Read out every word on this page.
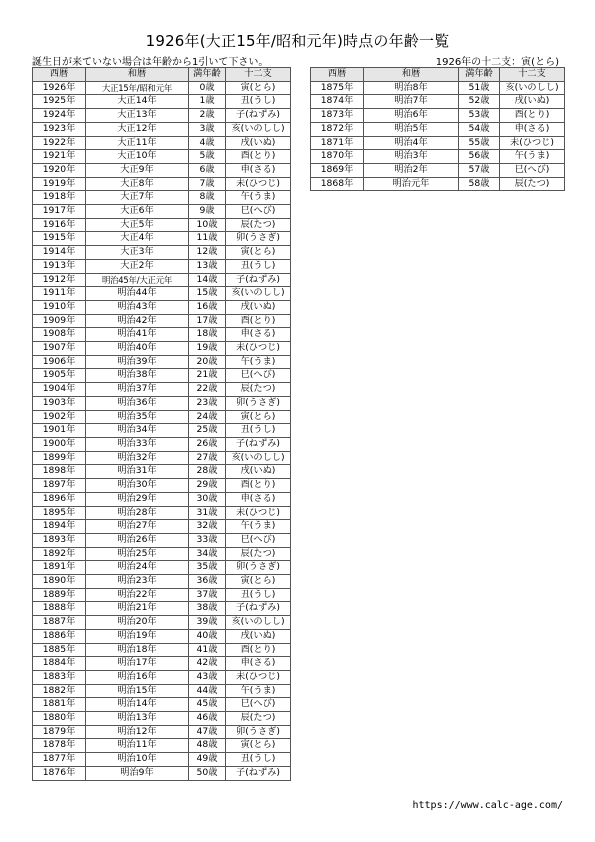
1926年(大正15年/昭和元年)時点の年齢一覧
誕生日が来ていない場合は年齢から1引いて下さい。	1926年の十二支：寅(とら)
西暦	和暦	満年齢	十二支
1926年	大正15年/昭和元年	0歳	寅(とら)
1925年	大正14年	1歳	丑(うし)
1924年	大正13年	2歳	子(ねずみ)
1923年	大正12年	3歳	亥(いのしし)
1922年	大正11年	4歳	戌(いぬ)
1921年	大正10年	5歳	酉(とり)
1920年	大正9年	6歳	申(さる)
1919年	大正8年	7歳	未(ひつじ)
1918年	大正7年	8歳	午(うま)
1917年	大正6年	9歳	巳(へび)
1916年	大正5年	10歳	辰(たつ)
1915年	大正4年	11歳	卯(うさぎ)
1914年	大正3年	12歳	寅(とら)
1913年	大正2年	13歳	丑(うし)
1912年	明治45年/大正元年	14歳	子(ねずみ)
1911年	明治44年	15歳	亥(いのしし)
1910年	明治43年	16歳	戌(いぬ)
1909年	明治42年	17歳	酉(とり)
1908年	明治41年	18歳	申(さる)
1907年	明治40年	19歳	未(ひつじ)
1906年	明治39年	20歳	午(うま)
1905年	明治38年	21歳	巳(へび)
1904年	明治37年	22歳	辰(たつ)
1903年	明治36年	23歳	卯(うさぎ)
1902年	明治35年	24歳	寅(とら)
1901年	明治34年	25歳	丑(うし)
1900年	明治33年	26歳	子(ねずみ)
1899年	明治32年	27歳	亥(いのしし)
1898年	明治31年	28歳	戌(いぬ)
1897年	明治30年	29歳	酉(とり)
1896年	明治29年	30歳	申(さる)
1895年	明治28年	31歳	未(ひつじ)
1894年	明治27年	32歳	午(うま)
1893年	明治26年	33歳	巳(へび)
1892年	明治25年	34歳	辰(たつ)
1891年	明治24年	35歳	卯(うさぎ)
1890年	明治23年	36歳	寅(とら)
1889年	明治22年	37歳	丑(うし)
1888年	明治21年	38歳	子(ねずみ)
1887年	明治20年	39歳	亥(いのしし)
1886年	明治19年	40歳	戌(いぬ)
1885年	明治18年	41歳	酉(とり)
1884年	明治17年	42歳	申(さる)
1883年	明治16年	43歳	未(ひつじ)
1882年	明治15年	44歳	午(うま)
1881年	明治14年	45歳	巳(へび)
1880年	明治13年	46歳	辰(たつ)
1879年	明治12年	47歳	卯(うさぎ)
1878年	明治11年	48歳	寅(とら)
1877年	明治10年	49歳	丑(うし)
1876年	明治9年	50歳	子(ねずみ)
西暦	和暦	満年齢	十二支
1875年	明治8年	51歳	亥(いのしし)
1874年	明治7年	52歳	戌(いぬ)
1873年	明治6年	53歳	酉(とり)
1872年	明治5年	54歳	申(さる)
1871年	明治4年	55歳	未(ひつじ)
1870年	明治3年	56歳	午(うま)
1869年	明治2年	57歳	巳(へび)
1868年	明治元年	58歳	辰(たつ)
https://www.calc-age.com/
